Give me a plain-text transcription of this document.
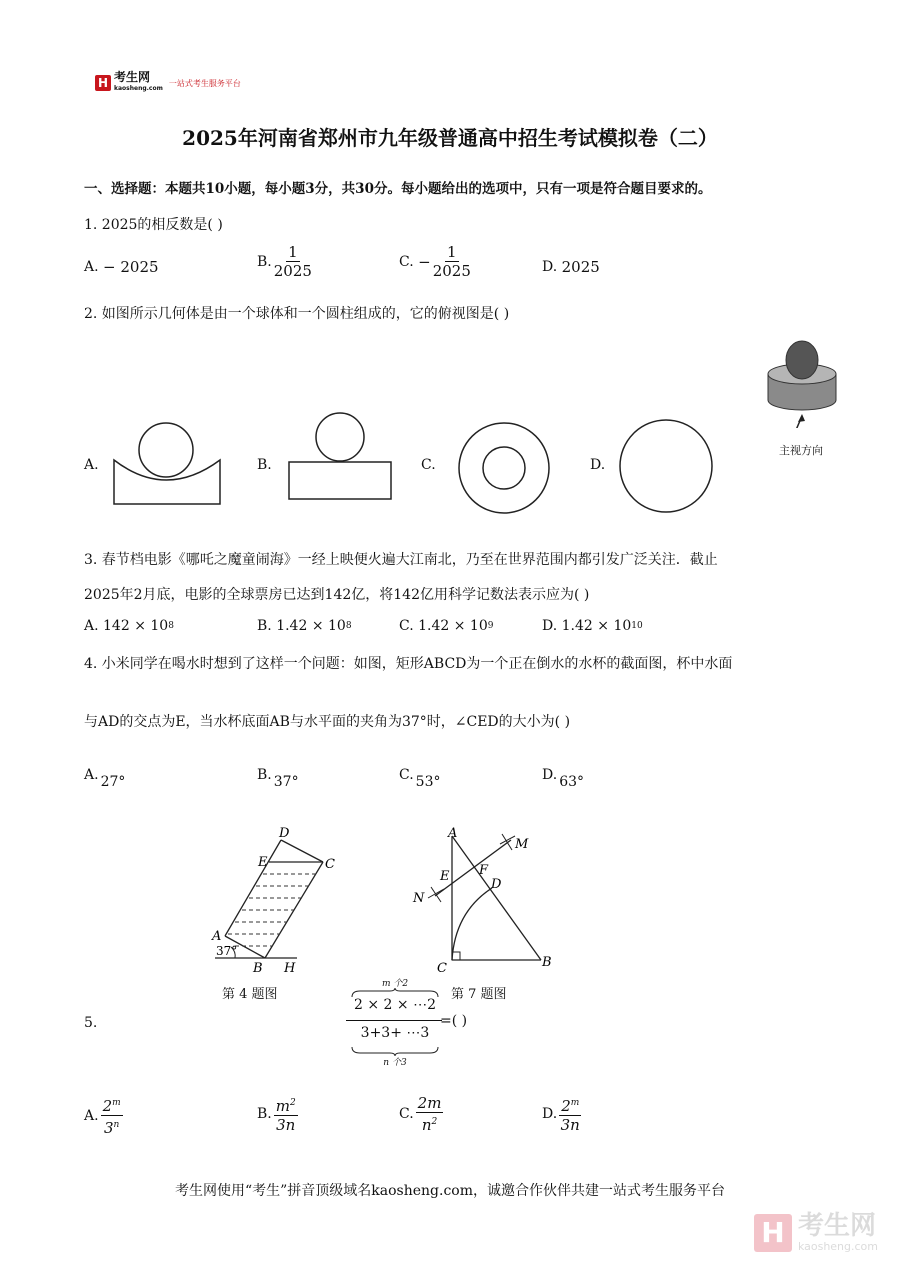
H 考生网
kaosheng.com
一站式考生服务平台
2025年河南省郑州市九年级普通高中招生考试模拟卷（二）
一、选择题：本题共10小题，每小题3分，共30分。每小题给出的选项中，只有一项是符合题目要求的。
1. 2025的相反数是( )
A.
− 2025	B. $\frac{1}{2025}$	C.
− $\frac{1}{2025}$	D.
2025
2. 如图所示几何体是由一个球体和一个圆柱组成的，它的俯视图是( )
A.	B.	C.	D.
主视方向
3. 春节档电影《哪吒之魔童闹海》一经上映便火遍大江南北，乃至在世界范围内都引发广泛关注．截止
2025年2月底，电影的全球票房已达到142亿，将142亿用科学记数法表示应为( )
A.
142 × 10 8	B.
1.42 × 10 8	C.
1.42 × 10 9	D.
1.42 × 10 10
4. 小米同学在喝水时想到了这样一个问题：如图，矩形ABCD为一个正在倒水的水杯的截面图，杯中水面
与AD的交点为E，当水杯底面AB与水平面的夹角为37°时，∠CED的大小为( )
A. 27°	B. 37°	C. 53°	D. 63°
D
E	C
A
37°
B H
第 4 题图
A
M
F
E
D
N
C	B
第 7 题图
5.
m 个2
2 × 2 × ⋯2
3+3+ ⋯3
n 个3
=( )
A. $\frac{2^m}{3^n}$	B. $\frac{m^2}{3n}$	C. $\frac{2m}{n^2}$	D. $\frac{2^m}{3n}$
考生网使用“考生”拼音顶级域名kaosheng.com，诚邀合作伙伴共建一站式考生服务平台
H 考生网
kaosheng.com
